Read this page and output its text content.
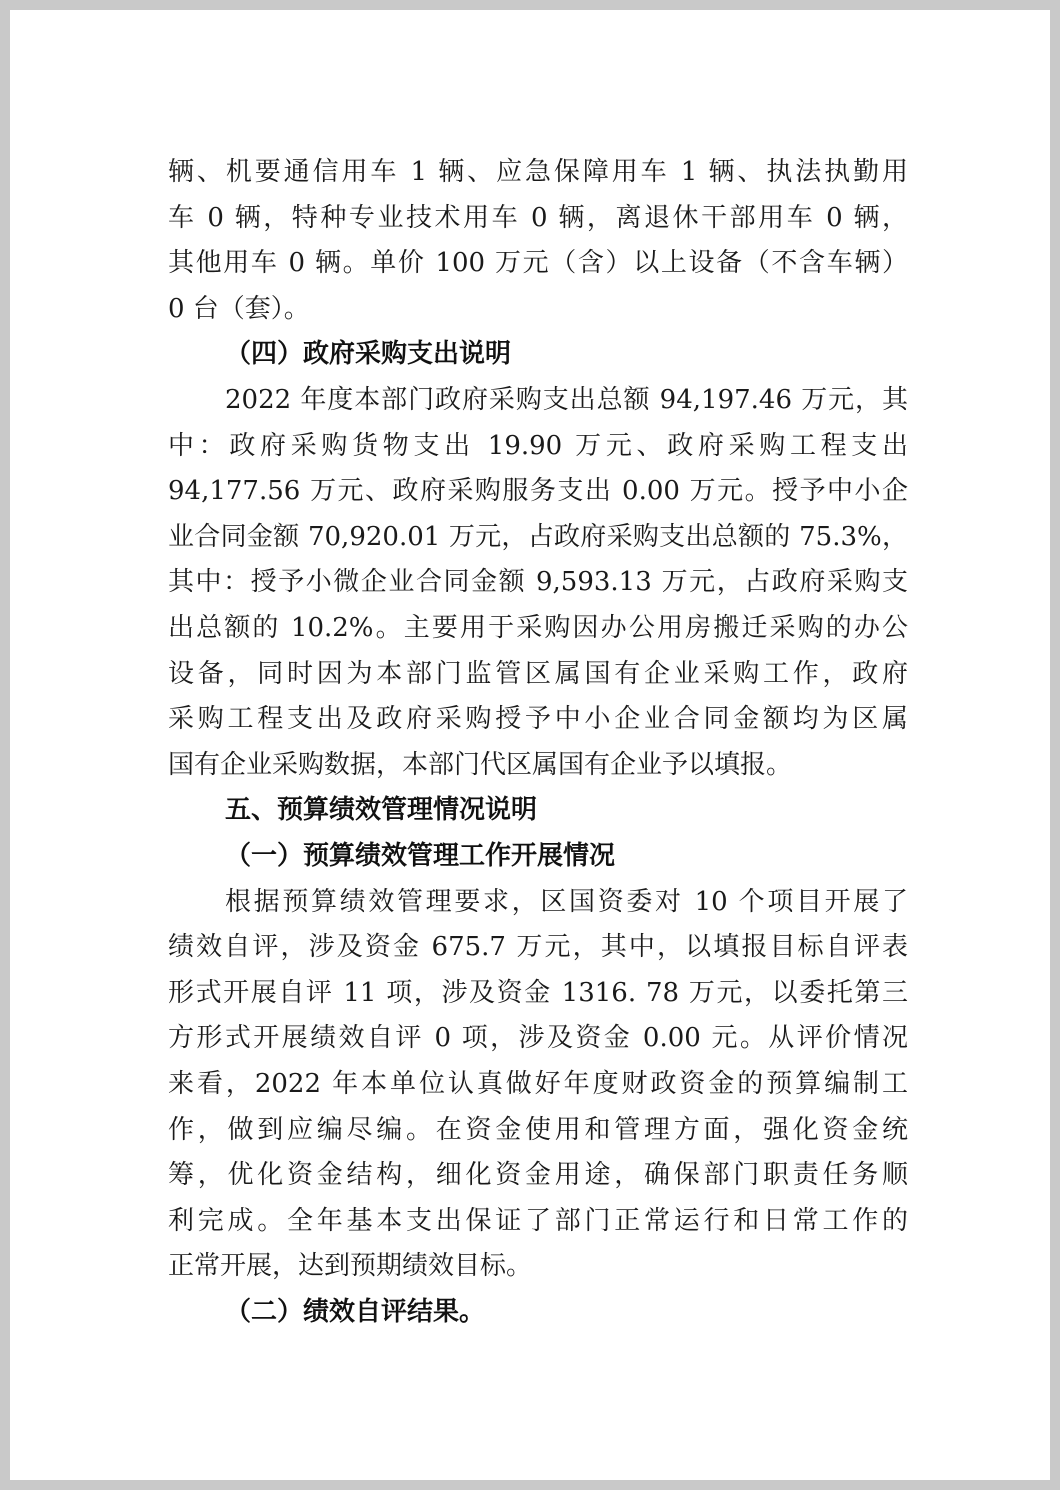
辆、机要通信用车 1 辆、应急保障用车 1 辆、执法执勤用
车 0 辆，特种专业技术用车 0 辆，离退休干部用车 0 辆，
其他用车 0 辆。单价 100 万元（含）以上设备（不含车辆）
0 台（套）。
（四）政府采购支出说明
2022 年度本部门政府采购支出总额 94,197.46 万元，其
中：政府采购货物支出 19.90 万元、政府采购工程支出
94,177.56 万元、政府采购服务支出 0.00 万元。授予中小企
业合同金额 70,920.01 万元，占政府采购支出总额的 75.3%，
其中：授予小微企业合同金额 9,593.13 万元，占政府采购支
出总额的 10.2%。主要用于采购因办公用房搬迁采购的办公
设备，同时因为本部门监管区属国有企业采购工作，政府
采购工程支出及政府采购授予中小企业合同金额均为区属
国有企业采购数据，本部门代区属国有企业予以填报。
五、预算绩效管理情况说明
（一）预算绩效管理工作开展情况
根据预算绩效管理要求，区国资委对 10 个项目开展了
绩效自评，涉及资金 675.7 万元，其中，以填报目标自评表
形式开展自评 11 项，涉及资金 1316. 78 万元，以委托第三
方形式开展绩效自评 0 项，涉及资金 0.00 元。从评价情况
来看，2022 年本单位认真做好年度财政资金的预算编制工
作，做到应编尽编。在资金使用和管理方面，强化资金统
筹，优化资金结构，细化资金用途，确保部门职责任务顺
利完成。全年基本支出保证了部门正常运行和日常工作的
正常开展，达到预期绩效目标。
（二）绩效自评结果。
